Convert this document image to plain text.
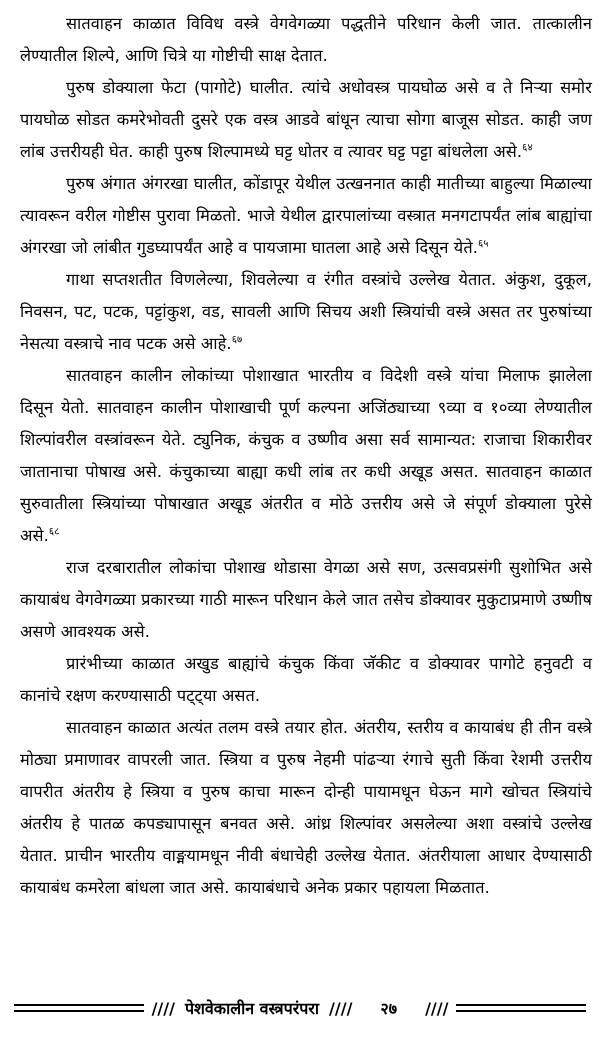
सातवाहन काळात विविध वस्त्रे वेगवेगळ्या पद्धतीने परिधान केली जात. तात्कालीन लेण्यातील शिल्पे, आणि चित्रे या गोष्टीची साक्ष देतात.

पुरुष डोक्याला फेटा (पागोटे) घालीत. त्यांचे अधोवस्त्र पायघोळ असे व ते निऱ्या समोर पायघोळ सोडत कमरेभोवती दुसरे एक वस्त्र आडवे बांधून त्याचा सोगा बाजूस सोडत. काही जण लांब उत्तरीयही घेत. काही पुरुष शिल्पामध्ये घट्ट धोतर व त्यावर घट्ट पट्टा बांधलेला असे.$^{६४}$

पुरुष अंगात अंगरखा घालीत, कोंडापूर येथील उत्खननात काही मातीच्या बाहुल्या मिळाल्या त्यावरून वरील गोष्टीस पुरावा मिळतो. भाजे येथील द्वारपालांच्या वस्त्रात मनगटापर्यंत लांब बाह्यांचा अंगरखा जो लांबीत गुडघ्यापर्यंत आहे व पायजामा घातला आहे असे दिसून येते.$^{६५}$

गाथा सप्तशतीत विणलेल्या, शिवलेल्या व रंगीत वस्त्रांचे उल्लेख येतात. अंकुश, दुकूल, निवसन, पट, पटक, पट्टांकुश, वड, सावली आणि सिचय अशी स्त्रियांची वस्त्रे असत तर पुरुषांच्या नेसत्या वस्त्राचे नाव पटक असे आहे.$^{६७}$

सातवाहन कालीन लोकांच्या पोशाखात भारतीय व विदेशी वस्त्रे यांचा मिलाफ झालेला दिसून येतो. सातवाहन कालीन पोशाखाची पूर्ण कल्पना अजिंठ्याच्या ९व्या व १०व्या लेण्यातील शिल्पांवरील वस्त्रांवरून येते. ट्युनिक, कंचुक व उष्णीव असा सर्व सामान्यत: राजाचा शिकारीवर जातानाचा पोषाख असे. कंचुकाच्या बाह्या कधी लांब तर कधी अखूड असत. सातवाहन काळात सुरुवातीला स्त्रियांच्या पोषाखात अखूड अंतरीत व मोठे उत्तरीय असे जे संपूर्ण डोक्याला पुरेसे असे.$^{६८}$

राज दरबारातील लोकांचा पोशाख थोडासा वेगळा असे सण, उत्सवप्रसंगी सुशोभित असे कायाबंध वेगवेगळ्या प्रकारच्या गाठी मारून परिधान केले जात तसेच डोक्यावर मुकुटाप्रमाणे उष्णीष असणे आवश्यक असे.

प्रारंभीच्या काळात अखुड बाह्यांचे कंचुक किंवा जॅकीट व डोक्यावर पागोटे हनुवटी व कानांचे रक्षण करण्यासाठी पट्ट्या असत.

सातवाहन काळात अत्यंत तलम वस्त्रे तयार होत. अंतरीय, स्तरीय व कायाबंध ही तीन वस्त्रे मोठ्या प्रमाणावर वापरली जात. स्त्रिया व पुरुष नेहमी पांढऱ्या रंगाचे सुती किंवा रेशमी उत्तरीय वापरीत अंतरीय हे स्त्रिया व पुरुष काचा मारून दोन्ही पायामधून घेऊन मागे खोचत स्त्रियांचे अंतरीय हे पातळ कपड्यापासून बनवत असे. आंध्र शिल्पांवर असलेल्या अशा वस्त्रांचे उल्लेख येतात. प्राचीन भारतीय वाङ्मयामधून नीवी बंधाचेही उल्लेख येतात. अंतरीयाला आधार देण्यासाठी कायाबंध कमरेला बांधला जात असे. कायाबंधाचे अनेक प्रकार पहायला मिळतात.

//// पेशवेकालीन वस्त्रपरंपरा //// २७ ////
